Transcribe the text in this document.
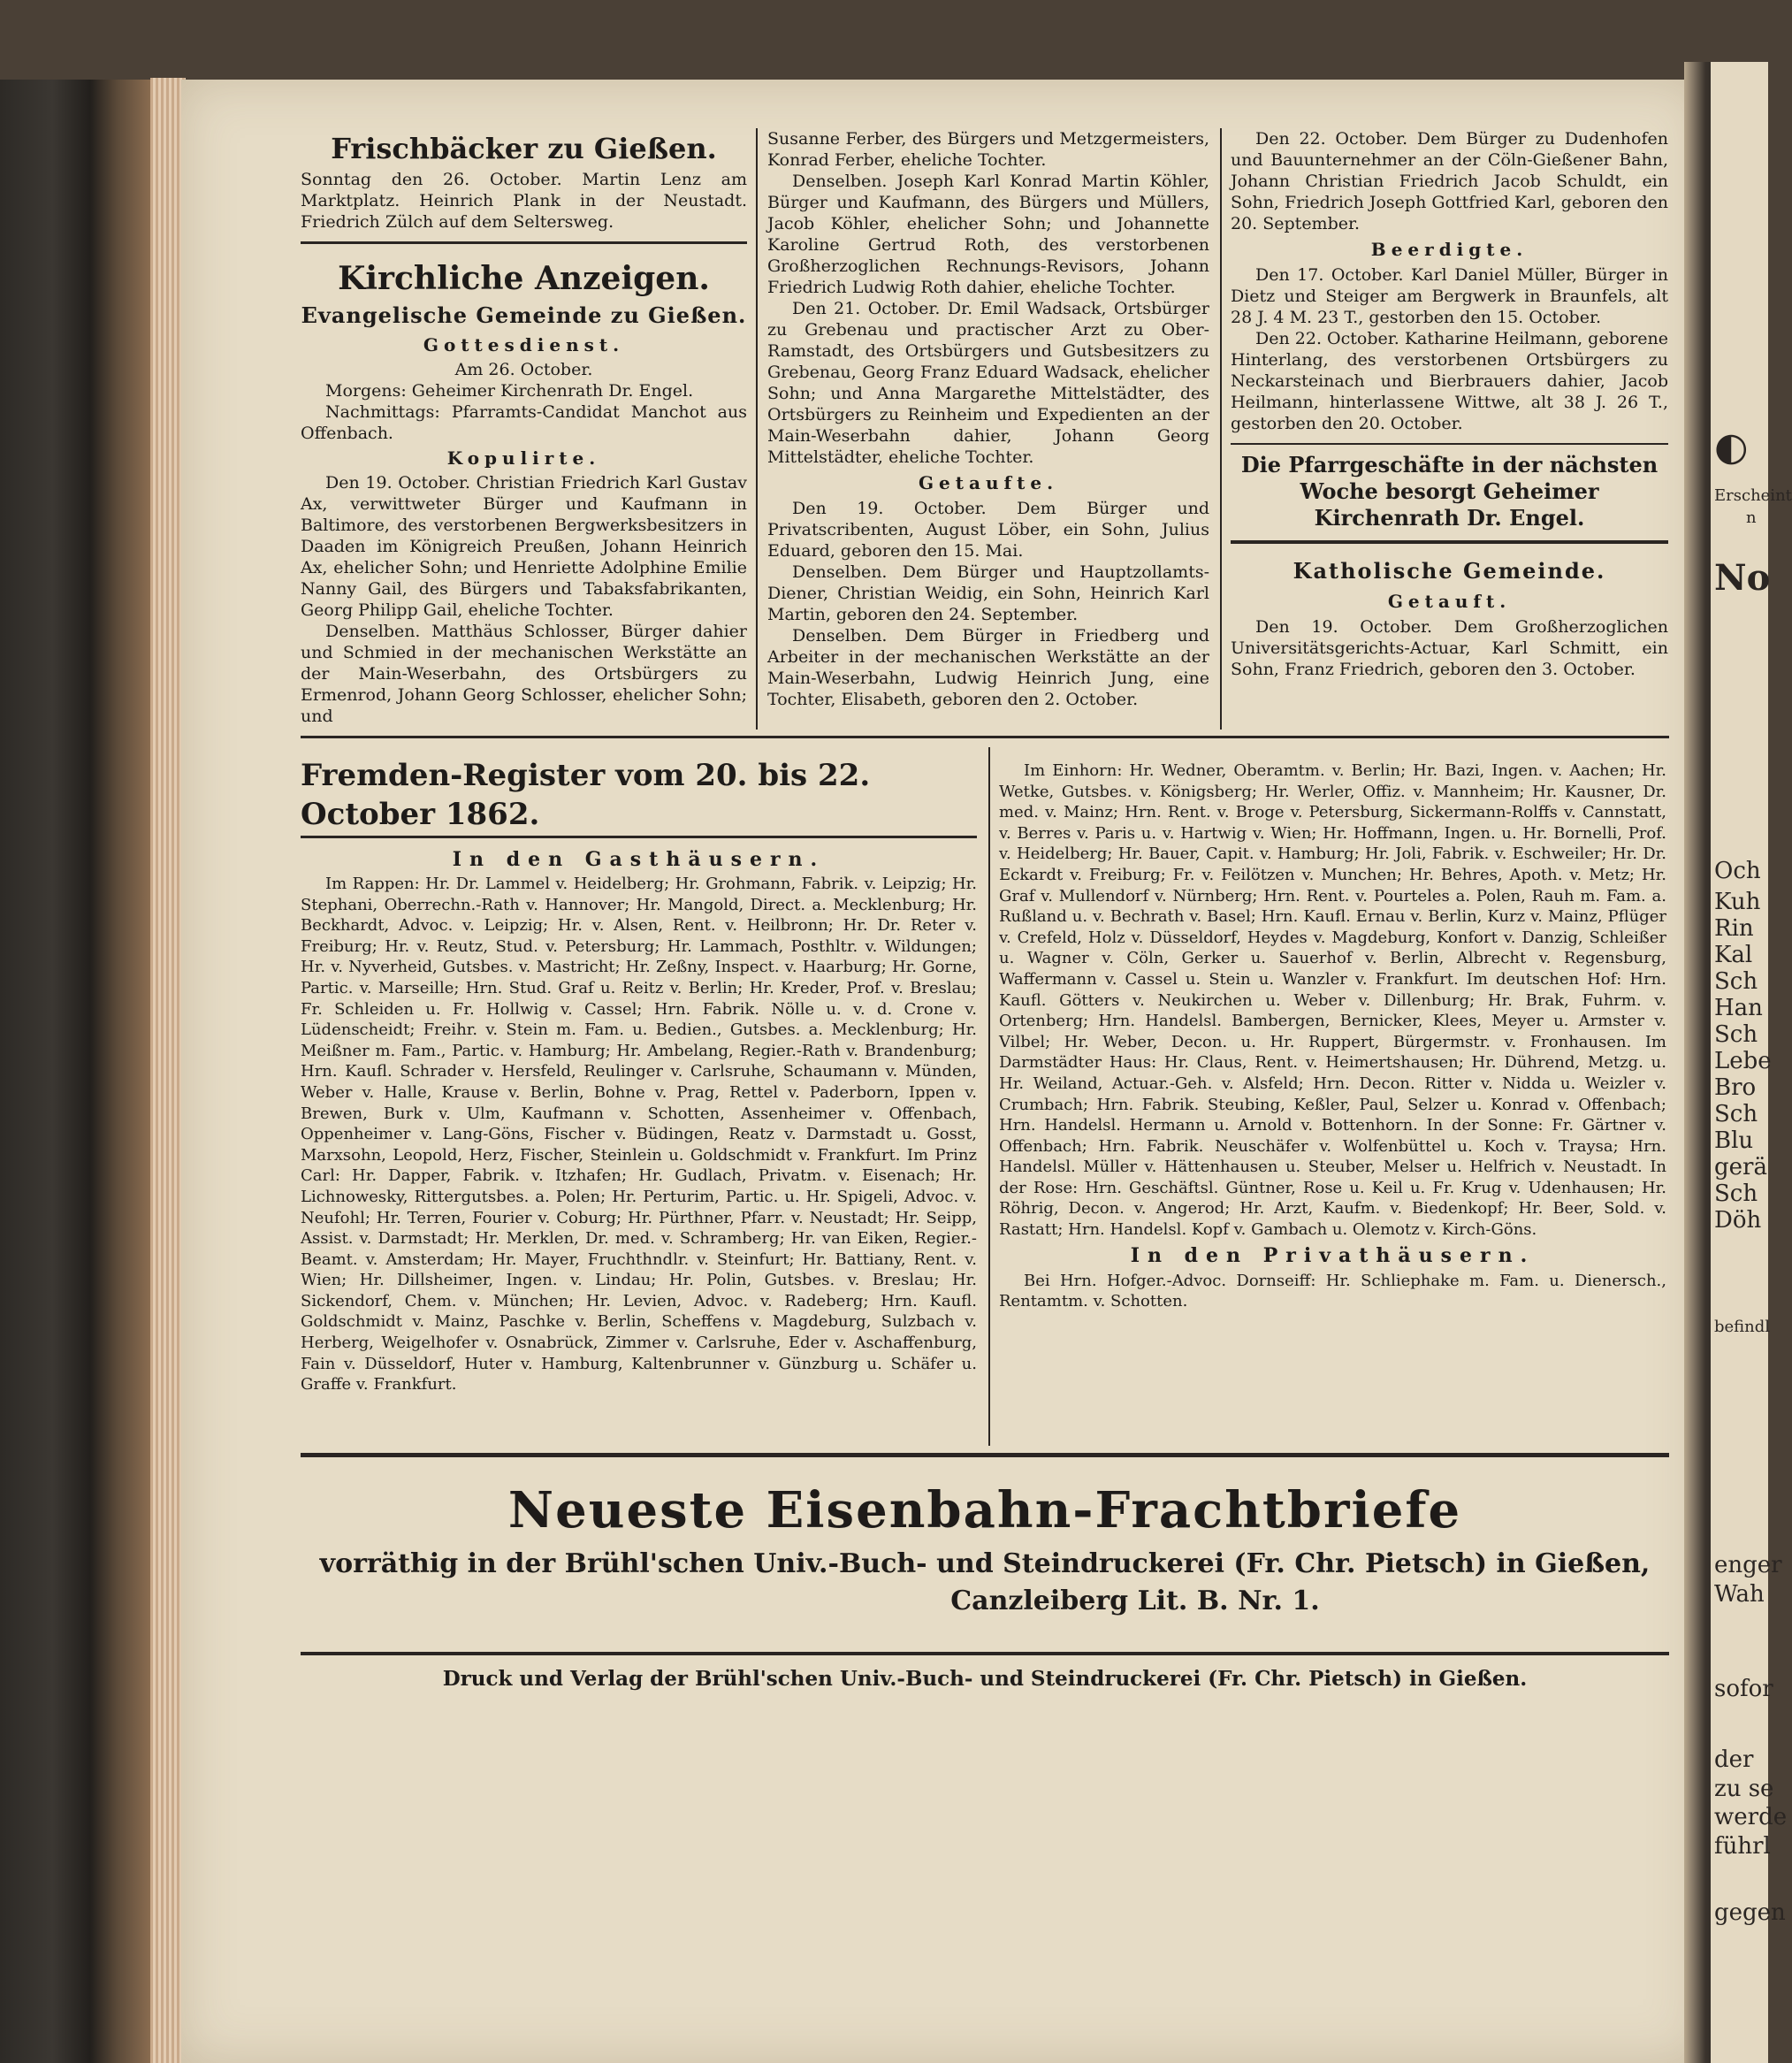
◐
Erscheint
n
No
Och
Kuh
Rin
Kal
Sch
Han
Sch
Lebe
Bro
Sch
Blu
gerä
Sch
Döh
befindl
enger
Wah
sofor
der
zu se
werde
führl
gegen

Frischbäcker zu Gießen.

Sonntag den 26. October. Martin Lenz am Marktplatz. Heinrich Plank in der Neustadt. Friedrich Zülch auf dem Seltersweg.

Kirchliche Anzeigen.

Evangelische Gemeinde zu Gießen.

Gottesdienst.

Am 26. October.

Morgens: Geheimer Kirchenrath Dr. Engel.

Nachmittags: Pfarramts-Candidat Manchot aus Offenbach.

Kopulirte.

Den 19. October. Christian Friedrich Karl Gustav Ax, verwittweter Bürger und Kaufmann in Baltimore, des verstorbenen Bergwerksbesitzers in Daaden im Königreich Preußen, Johann Heinrich Ax, ehelicher Sohn; und Henriette Adolphine Emilie Nanny Gail, des Bürgers und Tabaksfabrikanten, Georg Philipp Gail, eheliche Tochter.

Denselben. Matthäus Schlosser, Bürger dahier und Schmied in der mechanischen Werkstätte an der Main-Weserbahn, des Ortsbürgers zu Ermenrod, Johann Georg Schlosser, ehelicher Sohn; und

Susanne Ferber, des Bürgers und Metzgermeisters, Konrad Ferber, eheliche Tochter.

Denselben. Joseph Karl Konrad Martin Köhler, Bürger und Kaufmann, des Bürgers und Müllers, Jacob Köhler, ehelicher Sohn; und Johannette Karoline Gertrud Roth, des verstorbenen Großherzoglichen Rechnungs-Revisors, Johann Friedrich Ludwig Roth dahier, eheliche Tochter.

Den 21. October. Dr. Emil Wadsack, Ortsbürger zu Grebenau und practischer Arzt zu Ober-Ramstadt, des Ortsbürgers und Gutsbesitzers zu Grebenau, Georg Franz Eduard Wadsack, ehelicher Sohn; und Anna Margarethe Mittelstädter, des Ortsbürgers zu Reinheim und Expedienten an der Main-Weserbahn dahier, Johann Georg Mittelstädter, eheliche Tochter.

Getaufte.

Den 19. October. Dem Bürger und Privatscribenten, August Löber, ein Sohn, Julius Eduard, geboren den 15. Mai.

Denselben. Dem Bürger und Hauptzollamts-Diener, Christian Weidig, ein Sohn, Heinrich Karl Martin, geboren den 24. September.

Denselben. Dem Bürger in Friedberg und Arbeiter in der mechanischen Werkstätte an der Main-Weserbahn, Ludwig Heinrich Jung, eine Tochter, Elisabeth, geboren den 2. October.

Den 22. October. Dem Bürger zu Dudenhofen und Bauunternehmer an der Cöln-Gießener Bahn, Johann Christian Friedrich Jacob Schuldt, ein Sohn, Friedrich Joseph Gottfried Karl, geboren den 20. September.

Beerdigte.

Den 17. October. Karl Daniel Müller, Bürger in Dietz und Steiger am Bergwerk in Braunfels, alt 28 J. 4 M. 23 T., gestorben den 15. October.

Den 22. October. Katharine Heilmann, geborene Hinterlang, des verstorbenen Ortsbürgers zu Neckarsteinach und Bierbrauers dahier, Jacob Heilmann, hinterlassene Wittwe, alt 38 J. 26 T., gestorben den 20. October.

Die Pfarrgeschäfte in der nächsten Woche besorgt Geheimer Kirchenrath Dr. Engel.

Katholische Gemeinde.

Getauft.

Den 19. October. Dem Großherzoglichen Universitätsgerichts-Actuar, Karl Schmitt, ein Sohn, Franz Friedrich, geboren den 3. October.

Fremden-Register vom 20. bis 22. October 1862.

In den Gasthäusern.

Im Rappen: Hr. Dr. Lammel v. Heidelberg; Hr. Grohmann, Fabrik. v. Leipzig; Hr. Stephani, Oberrechn.-Rath v. Hannover; Hr. Mangold, Direct. a. Mecklenburg; Hr. Beckhardt, Advoc. v. Leipzig; Hr. v. Alsen, Rent. v. Heilbronn; Hr. Dr. Reter v. Freiburg; Hr. v. Reutz, Stud. v. Petersburg; Hr. Lammach, Posthltr. v. Wildungen; Hr. v. Nyverheid, Gutsbes. v. Mastricht; Hr. Zeßny, Inspect. v. Haarburg; Hr. Gorne, Partic. v. Marseille; Hrn. Stud. Graf u. Reitz v. Berlin; Hr. Kreder, Prof. v. Breslau; Fr. Schleiden u. Fr. Hollwig v. Cassel; Hrn. Fabrik. Nölle u. v. d. Crone v. Lüdenscheidt; Freihr. v. Stein m. Fam. u. Bedien., Gutsbes. a. Mecklenburg; Hr. Meißner m. Fam., Partic. v. Hamburg; Hr. Ambelang, Regier.-Rath v. Brandenburg; Hrn. Kaufl. Schrader v. Hersfeld, Reulinger v. Carlsruhe, Schaumann v. Münden, Weber v. Halle, Krause v. Berlin, Bohne v. Prag, Rettel v. Paderborn, Ippen v. Brewen, Burk v. Ulm, Kaufmann v. Schotten, Assenheimer v. Offenbach, Oppenheimer v. Lang-Göns, Fischer v. Büdingen, Reatz v. Darmstadt u. Gosst, Marxsohn, Leopold, Herz, Fischer, Steinlein u. Goldschmidt v. Frankfurt. Im Prinz Carl: Hr. Dapper, Fabrik. v. Itzhafen; Hr. Gudlach, Privatm. v. Eisenach; Hr. Lichnowesky, Rittergutsbes. a. Polen; Hr. Perturim, Partic. u. Hr. Spigeli, Advoc. v. Neufohl; Hr. Terren, Fourier v. Coburg; Hr. Pürthner, Pfarr. v. Neustadt; Hr. Seipp, Assist. v. Darmstadt; Hr. Merklen, Dr. med. v. Schramberg; Hr. van Eiken, Regier.-Beamt. v. Amsterdam; Hr. Mayer, Fruchthndlr. v. Steinfurt; Hr. Battiany, Rent. v. Wien; Hr. Dillsheimer, Ingen. v. Lindau; Hr. Polin, Gutsbes. v. Breslau; Hr. Sickendorf, Chem. v. München; Hr. Levien, Advoc. v. Radeberg; Hrn. Kaufl. Goldschmidt v. Mainz, Paschke v. Berlin, Scheffens v. Magdeburg, Sulzbach v. Herberg, Weigelhofer v. Osnabrück, Zimmer v. Carlsruhe, Eder v. Aschaffenburg, Fain v. Düsseldorf, Huter v. Hamburg, Kaltenbrunner v. Günzburg u. Schäfer u. Graffe v. Frankfurt.

Im Einhorn: Hr. Wedner, Oberamtm. v. Berlin; Hr. Bazi, Ingen. v. Aachen; Hr. Wetke, Gutsbes. v. Königsberg; Hr. Werler, Offiz. v. Mannheim; Hr. Kausner, Dr. med. v. Mainz; Hrn. Rent. v. Broge v. Petersburg, Sickermann-Rolffs v. Cannstatt, v. Berres v. Paris u. v. Hartwig v. Wien; Hr. Hoffmann, Ingen. u. Hr. Bornelli, Prof. v. Heidelberg; Hr. Bauer, Capit. v. Hamburg; Hr. Joli, Fabrik. v. Eschweiler; Hr. Dr. Eckardt v. Freiburg; Fr. v. Feilötzen v. Munchen; Hr. Behres, Apoth. v. Metz; Hr. Graf v. Mullendorf v. Nürnberg; Hrn. Rent. v. Pourteles a. Polen, Rauh m. Fam. a. Rußland u. v. Bechrath v. Basel; Hrn. Kaufl. Ernau v. Berlin, Kurz v. Mainz, Pflüger v. Crefeld, Holz v. Düsseldorf, Heydes v. Magdeburg, Konfort v. Danzig, Schleißer u. Wagner v. Cöln, Gerker u. Sauerhof v. Berlin, Albrecht v. Regensburg, Waffermann v. Cassel u. Stein u. Wanzler v. Frankfurt. Im deutschen Hof: Hrn. Kaufl. Götters v. Neukirchen u. Weber v. Dillenburg; Hr. Brak, Fuhrm. v. Ortenberg; Hrn. Handelsl. Bambergen, Bernicker, Klees, Meyer u. Armster v. Vilbel; Hr. Weber, Decon. u. Hr. Ruppert, Bürgermstr. v. Fronhausen. Im Darmstädter Haus: Hr. Claus, Rent. v. Heimertshausen; Hr. Dührend, Metzg. u. Hr. Weiland, Actuar.-Geh. v. Alsfeld; Hrn. Decon. Ritter v. Nidda u. Weizler v. Crumbach; Hrn. Fabrik. Steubing, Keßler, Paul, Selzer u. Konrad v. Offenbach; Hrn. Handelsl. Hermann u. Arnold v. Bottenhorn. In der Sonne: Fr. Gärtner v. Offenbach; Hrn. Fabrik. Neuschäfer v. Wolfenbüttel u. Koch v. Traysa; Hrn. Handelsl. Müller v. Hättenhausen u. Steuber, Melser u. Helfrich v. Neustadt. In der Rose: Hrn. Geschäftsl. Güntner, Rose u. Keil u. Fr. Krug v. Udenhausen; Hr. Röhrig, Decon. v. Angerod; Hr. Arzt, Kaufm. v. Biedenkopf; Hr. Beer, Sold. v. Rastatt; Hrn. Handelsl. Kopf v. Gambach u. Olemotz v. Kirch-Göns.

In den Privathäusern.

Bei Hrn. Hofger.-Advoc. Dornseiff: Hr. Schliephake m. Fam. u. Dienersch., Rentamtm. v. Schotten.

Neueste Eisenbahn-Frachtbriefe

vorräthig in der Brühl'schen Univ.-Buch- und Steindruckerei (Fr. Chr. Pietsch) in Gießen,

Canzleiberg Lit. B. Nr. 1.

Druck und Verlag der Brühl'schen Univ.-Buch- und Steindruckerei (Fr. Chr. Pietsch) in Gießen.
